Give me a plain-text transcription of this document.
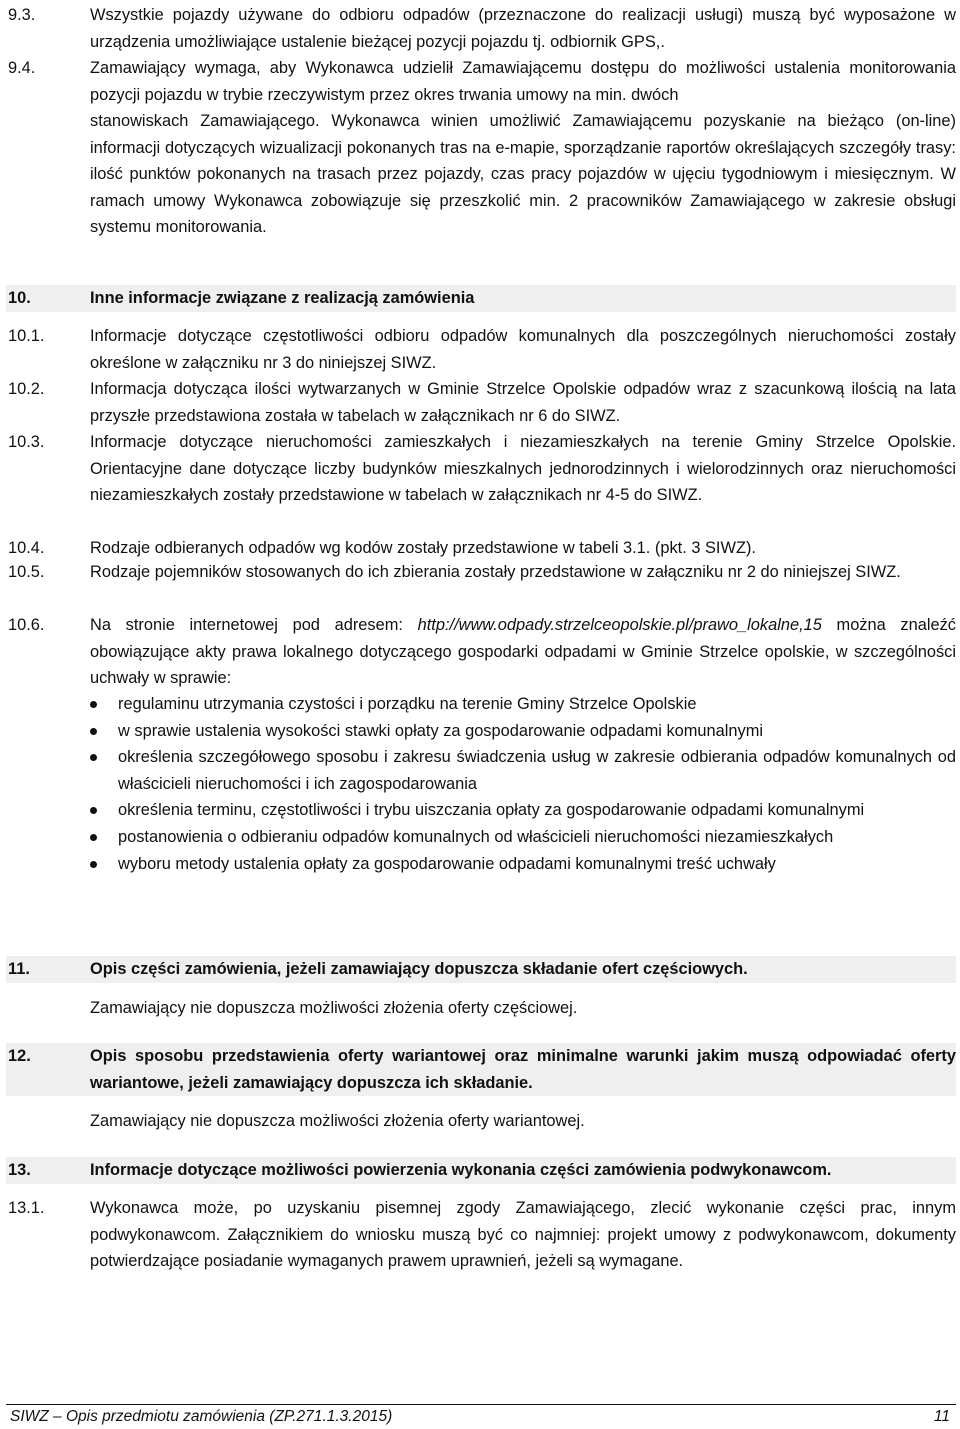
9.3.	Wszystkie pojazdy używane do odbioru odpadów (przeznaczone do realizacji usługi) muszą być wyposażone w urządzenia umożliwiające ustalenie bieżącej pozycji pojazdu tj. odbiornik GPS,.
9.4.	Zamawiający wymaga, aby Wykonawca udzielił Zamawiającemu dostępu do możliwości ustalenia monitorowania pozycji pojazdu w trybie rzeczywistym przez okres trwania umowy na min. dwóch
stanowiskach Zamawiającego. Wykonawca winien umożliwić Zamawiającemu pozyskanie na bieżąco (on-line) informacji dotyczących wizualizacji pokonanych tras na e-mapie, sporządzanie raportów określających szczegóły trasy: ilość punktów pokonanych na trasach przez pojazdy, czas pracy pojazdów w ujęciu tygodniowym i miesięcznym. W ramach umowy Wykonawca zobowiązuje się przeszkolić min. 2 pracowników Zamawiającego w zakresie obsługi systemu monitorowania.
10.	Inne informacje związane z realizacją zamówienia
10.1.	Informacje dotyczące częstotliwości odbioru odpadów komunalnych dla poszczególnych nieruchomości zostały określone w załączniku nr 3 do niniejszej SIWZ.
10.2.	Informacja dotycząca ilości wytwarzanych w Gminie Strzelce Opolskie odpadów wraz z szacunkową ilością na lata przyszłe przedstawiona została w tabelach w załącznikach nr 6 do SIWZ.
10.3.	Informacje dotyczące nieruchomości zamieszkałych i niezamieszkałych na terenie Gminy Strzelce Opolskie. Orientacyjne dane dotyczące liczby budynków mieszkalnych jednorodzinnych i wielorodzinnych oraz nieruchomości niezamieszkałych zostały przedstawione w tabelach w załącznikach nr 4-5 do SIWZ.
10.4.	Rodzaje odbieranych odpadów wg kodów zostały przedstawione w tabeli 3.1. (pkt. 3 SIWZ).
10.5.	Rodzaje pojemników stosowanych do ich zbierania zostały przedstawione w załączniku nr 2 do niniejszej SIWZ.
10.6.	Na stronie internetowej pod adresem: http://www.odpady.strzelceopolskie.pl/prawo_lokalne,15 można znaleźć obowiązujące akty prawa lokalnego dotyczącego gospodarki odpadami w Gminie Strzelce opolskie, w szczególności uchwały w sprawie:
regulaminu utrzymania czystości i porządku na terenie Gminy Strzelce Opolskie
w sprawie ustalenia wysokości stawki opłaty za gospodarowanie odpadami komunalnymi
określenia szczegółowego sposobu i zakresu świadczenia usług w zakresie odbierania odpadów komunalnych od właścicieli nieruchomości i ich zagospodarowania
określenia terminu, częstotliwości i trybu uiszczania opłaty za gospodarowanie odpadami komunalnymi
postanowienia o odbieraniu odpadów komunalnych od właścicieli nieruchomości niezamieszkałych
wyboru metody ustalenia opłaty za gospodarowanie odpadami komunalnymi treść uchwały
11.	Opis części zamówienia, jeżeli zamawiający dopuszcza składanie ofert częściowych.
Zamawiający nie dopuszcza możliwości złożenia oferty częściowej.
12.	Opis sposobu przedstawienia oferty wariantowej oraz minimalne warunki jakim muszą odpowiadać oferty wariantowe, jeżeli zamawiający dopuszcza ich składanie.
Zamawiający nie dopuszcza możliwości złożenia oferty wariantowej.
13.	Informacje dotyczące możliwości powierzenia wykonania części zamówienia podwykonawcom.
13.1.	Wykonawca może, po uzyskaniu pisemnej zgody Zamawiającego, zlecić wykonanie części prac, innym podwykonawcom. Załącznikiem do wniosku muszą być co najmniej: projekt umowy z podwykonawcom, dokumenty potwierdzające posiadanie wymaganych prawem uprawnień, jeżeli są wymagane.
SIWZ – Opis przedmiotu zamówienia (ZP.271.1.3.2015)	11
